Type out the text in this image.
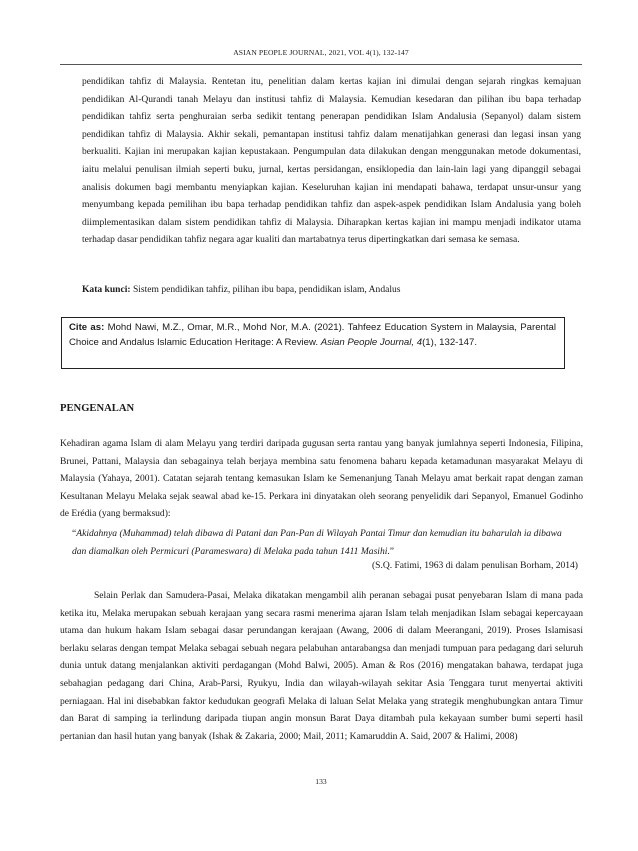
ASIAN PEOPLE JOURNAL, 2021, VOL 4(1), 132-147

pendidikan tahfiz di Malaysia. Rentetan itu, penelitian dalam kertas kajian ini dimulai dengan sejarah ringkas kemajuan pendidikan Al-Qurandi tanah Melayu dan institusi tahfiz di Malaysia. Kemudian kesedaran dan pilihan ibu bapa terhadap pendidikan tahfiz serta penghuraian serba sedikit tentang penerapan pendidikan Islam Andalusia (Sepanyol) dalam sistem pendidikan tahfiz di Malaysia. Akhir sekali, pemantapan institusi tahfiz dalam menatijahkan generasi dan legasi insan yang berkualiti. Kajian ini merupakan kajian kepustakaan. Pengumpulan data dilakukan dengan menggunakan metode dokumentasi, iaitu melalui penulisan ilmiah seperti buku, jurnal, kertas persidangan, ensiklopedia dan lain-lain lagi yang dipanggil sebagai analisis dokumen bagi membantu menyiapkan kajian. Keseluruhan kajian ini mendapati bahawa, terdapat unsur-unsur yang menyumbang kepada pemilihan ibu bapa terhadap pendidikan tahfiz dan aspek-aspek pendidikan Islam Andalusia yang boleh diimplementasikan dalam sistem pendidikan tahfiz di Malaysia. Diharapkan kertas kajian ini mampu menjadi indikator utama terhadap dasar pendidikan tahfiz negara agar kualiti dan martabatnya terus dipertingkatkan dari semasa ke semasa.

Kata kunci: Sistem pendidikan tahfiz, pilihan ibu bapa, pendidikan islam, Andalus

Cite as: Mohd Nawi, M.Z., Omar, M.R., Mohd Nor, M.A. (2021). Tahfeez Education System in Malaysia, Parental Choice and Andalus Islamic Education Heritage: A Review. Asian People Journal, 4(1), 132-147.
PENGENALAN

Kehadiran agama Islam di alam Melayu yang terdiri daripada gugusan serta rantau yang banyak jumlahnya seperti Indonesia, Filipina, Brunei, Pattani, Malaysia dan sebagainya telah berjaya membina satu fenomena baharu kepada ketamadunan masyarakat Melayu di Malaysia (Yahaya, 2001). Catatan sejarah tentang kemasukan Islam ke Semenanjung Tanah Melayu amat berkait rapat dengan zaman Kesultanan Melayu Melaka sejak seawal abad ke-15. Perkara ini dinyatakan oleh seorang penyelidik dari Sepanyol, Emanuel Godinho de Erédia (yang bermaksud):

“Akidahnya (Muhammad) telah dibawa di Patani dan Pan-Pan di Wilayah Pantai Timur dan kemudian itu baharulah ia dibawa dan diamalkan oleh Permicuri (Parameswara) di Melaka pada tahun 1411 Masihi.”

(S.Q. Fatimi, 1963 di dalam penulisan Borham, 2014)

Selain Perlak dan Samudera-Pasai, Melaka dikatakan mengambil alih peranan sebagai pusat penyebaran Islam di mana pada ketika itu, Melaka merupakan sebuah kerajaan yang secara rasmi menerima ajaran Islam telah menjadikan Islam sebagai kepercayaan utama dan hukum hakam Islam sebagai dasar perundangan kerajaan (Awang, 2006 di dalam Meerangani, 2019). Proses Islamisasi berlaku selaras dengan tempat Melaka sebagai sebuah negara pelabuhan antarabangsa dan menjadi tumpuan para pedagang dari seluruh dunia untuk datang menjalankan aktiviti perdagangan (Mohd Balwi, 2005). Aman & Ros (2016) mengatakan bahawa, terdapat juga sebahagian pedagang dari China, Arab-Parsi, Ryukyu, India dan wilayah-wilayah sekitar Asia Tenggara turut menyertai aktiviti perniagaan. Hal ini disebabkan faktor kedudukan geografi Melaka di laluan Selat Melaka yang strategik menghubungkan antara Timur dan Barat di samping ia terlindung daripada tiupan angin monsun Barat Daya ditambah pula kekayaan sumber bumi seperti hasil pertanian dan hasil hutan yang banyak (Ishak & Zakaria, 2000; Mail, 2011; Kamaruddin A. Said, 2007 & Halimi, 2008)

133
